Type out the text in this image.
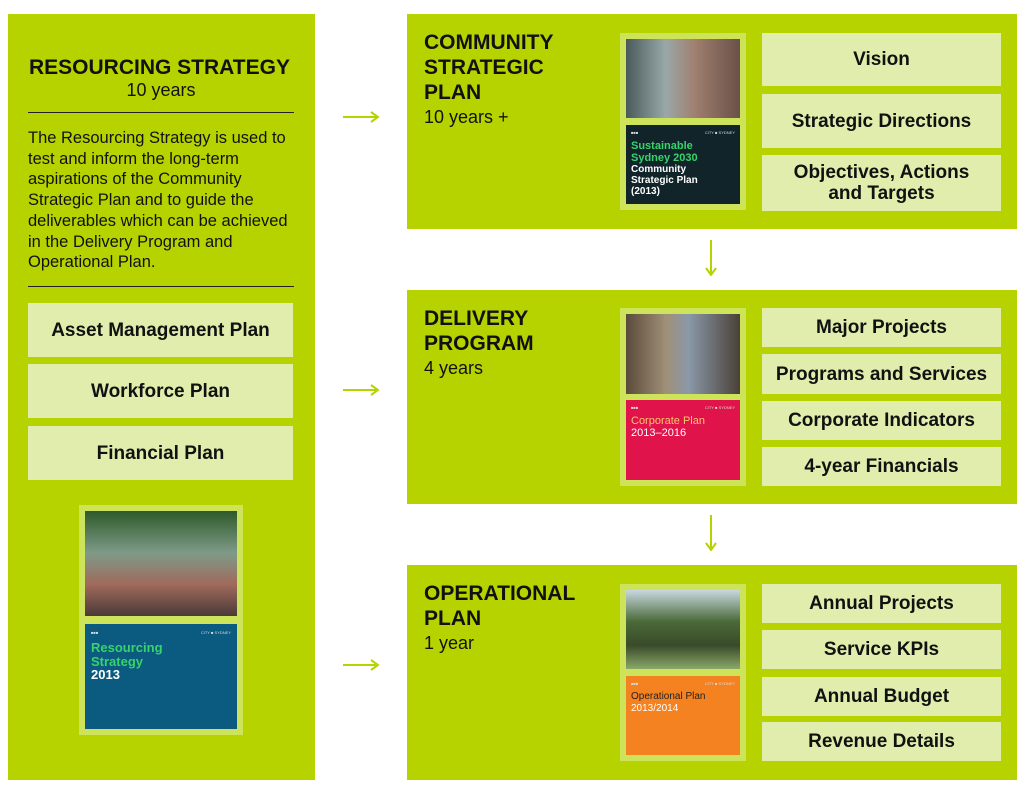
RESOURCING STRATEGY
10 years
The Resourcing Strategy is used to test and inform the long-term aspirations of the Community Strategic Plan and to guide the deliverables which can be achieved in the Delivery Program and Operational Plan.
Asset Management Plan
Workforce Plan
Financial Plan
■■■	CITY ■ SYDNEY
Resourcing Strategy
2013
COMMUNITY
STRATEGIC
PLAN
10 years +
■■■	CITY ■ SYDNEY
Sustainable Sydney 2030
Community Strategic Plan (2013)
Vision
Strategic Directions
Objectives, Actions and Targets
DELIVERY
PROGRAM
4 years
■■■	CITY ■ SYDNEY
Corporate Plan
2013–2016
Major Projects
Programs and Services
Corporate Indicators
4-year Financials
OPERATIONAL
PLAN
1 year
■■■	CITY ■ SYDNEY
Operational Plan
2013/2014
Annual Projects
Service KPIs
Annual Budget
Revenue Details
